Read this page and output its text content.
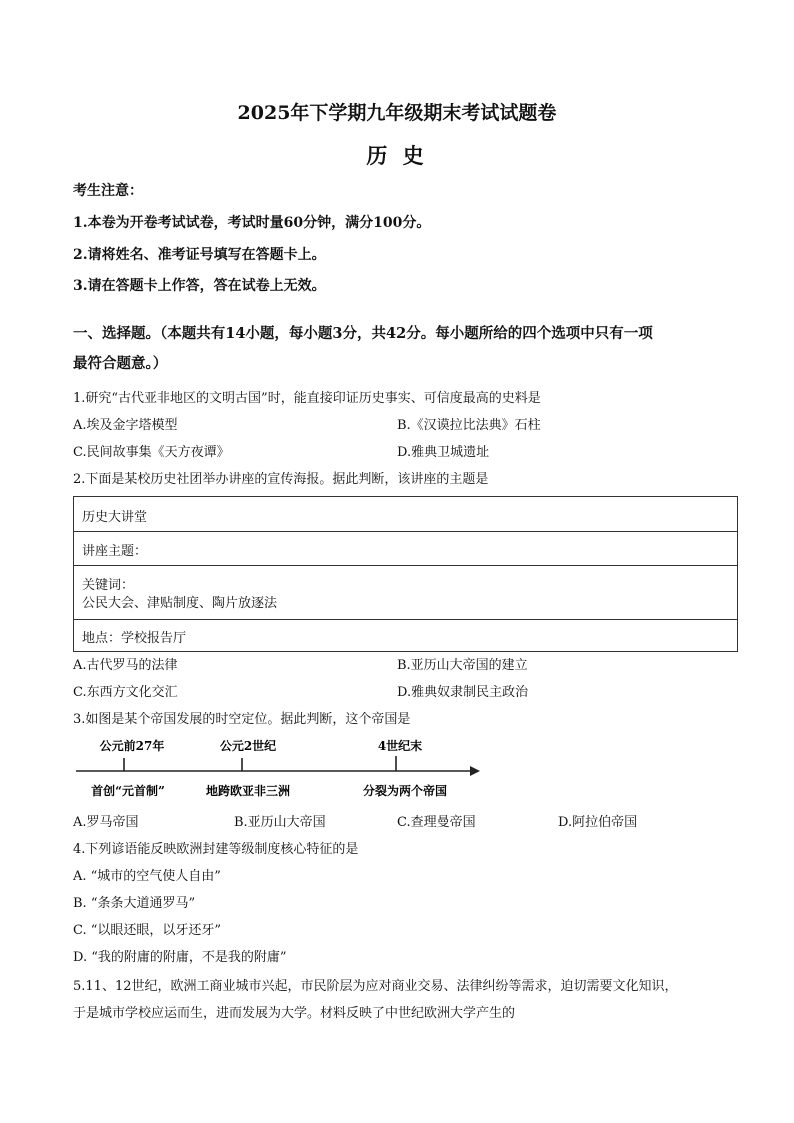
2025年下学期九年级期末考试试题卷
历 史
考生注意：
1.本卷为开卷考试试卷，考试时量60分钟，满分100分。
2.请将姓名、准考证号填写在答题卡上。
3.请在答题卡上作答，答在试卷上无效。
一、选择题。（本题共有14小题，每小题3分，共42分。每小题所给的四个选项中只有一项
最符合题意。）
1.研究“古代亚非地区的文明古国”时，能直接印证历史事实、可信度最高的史料是
A.埃及金字塔模型	B.《汉谟拉比法典》石柱
C.民间故事集《天方夜谭》	D.雅典卫城遗址
2.下面是某校历史社团举办讲座的宣传海报。据此判断，该讲座的主题是
历史大讲堂
讲座主题：
关键词：
公民大会、津贴制度、陶片放逐法
地点：学校报告厅
A.古代罗马的法律	B.亚历山大帝国的建立
C.东西方文化交汇	D.雅典奴隶制民主政治
3.如图是某个帝国发展的时空定位。据此判断，这个帝国是
公元前27年	公元2世纪	4世纪末
首创“元首制”	地跨欧亚非三洲	分裂为两个帝国
A.罗马帝国	B.亚历山大帝国	C.查理曼帝国	D.阿拉伯帝国
4.下列谚语能反映欧洲封建等级制度核心特征的是
A. “城市的空气使人自由”
B. “条条大道通罗马”
C. “以眼还眼，以牙还牙”
D. “我的附庸的附庸，不是我的附庸”
5.11、12世纪，欧洲工商业城市兴起，市民阶层为应对商业交易、法律纠纷等需求，迫切需要文化知识，
于是城市学校应运而生，进而发展为大学。材料反映了中世纪欧洲大学产生的
